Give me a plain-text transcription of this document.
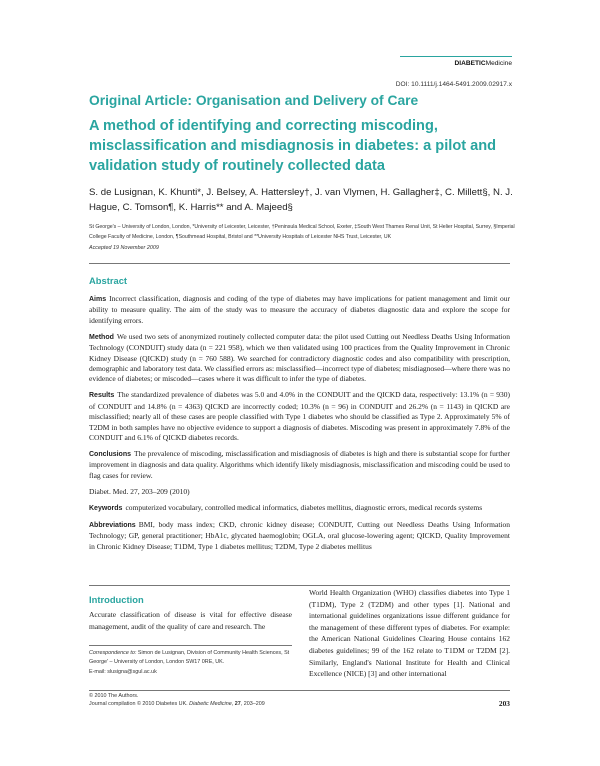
DIABETICMedicine
DOI: 10.1111/j.1464-5491.2009.02917.x
Original Article: Organisation and Delivery of Care
A method of identifying and correcting miscoding, misclassification and misdiagnosis in diabetes: a pilot and validation study of routinely collected data
S. de Lusignan, K. Khunti*, J. Belsey, A. Hattersley†, J. van Vlymen, H. Gallagher‡, C. Millett§, N. J. Hague, C. Tomson¶, K. Harris** and A. Majeed§
St George's – University of London, London, *University of Leicester, Leicester, †Peninsula Medical School, Exeter, ‡South West Thames Renal Unit, St Helier Hospital, Surrey, §Imperial College Faculty of Medicine, London, ¶Southmead Hospital, Bristol and **University Hospitals of Leicester NHS Trust, Leicester, UK
Accepted 19 November 2009
Abstract

Aims Incorrect classification, diagnosis and coding of the type of diabetes may have implications for patient management and limit our ability to measure quality. The aim of the study was to measure the accuracy of diabetes diagnostic data and explore the scope for identifying errors.

Method We used two sets of anonymized routinely collected computer data: the pilot used Cutting out Needless Deaths Using Information Technology (CONDUIT) study data (n = 221 958), which we then validated using 100 practices from the Quality Improvement in Chronic Kidney Disease (QICKD) study (n = 760 588). We searched for contradictory diagnostic codes and also compatibility with prescription, demographic and laboratory test data. We classified errors as: misclassified—incorrect type of diabetes; misdiagnosed—where there was no evidence of diabetes; or miscoded—cases where it was difficult to infer the type of diabetes.

Results The standardized prevalence of diabetes was 5.0 and 4.0% in the CONDUIT and the QICKD data, respectively: 13.1% (n = 930) of CONDUIT and 14.8% (n = 4363) QICKD are incorrectly coded; 10.3% (n = 96) in CONDUIT and 26.2% (n = 1143) in QICKD are misclassified; nearly all of these cases are people classified with Type 1 diabetes who should be classified as Type 2. Approximately 5% of T2DM in both samples have no objective evidence to support a diagnosis of diabetes. Miscoding was present in approximately 7.8% of the CONDUIT and 6.1% of QICKD diabetes records.

Conclusions The prevalence of miscoding, misclassification and misdiagnosis of diabetes is high and there is substantial scope for further improvement in diagnosis and data quality. Algorithms which identify likely misdiagnosis, misclassification and miscoding could be used to flag cases for review.

Diabet. Med. 27, 203–209 (2010)

Keywords computerized vocabulary, controlled medical informatics, diabetes mellitus, diagnostic errors, medical records systems

Abbreviations BMI, body mass index; CKD, chronic kidney disease; CONDUIT, Cutting out Needless Deaths Using Information Technology; GP, general practitioner; HbA1c, glycated haemoglobin; OGLA, oral glucose-lowering agent; QICKD, Quality Improvement in Chronic Kidney Disease; T1DM, Type 1 diabetes mellitus; T2DM, Type 2 diabetes mellitus

Introduction
Accurate classification of disease is vital for effective disease management, audit of the quality of care and research. The
World Health Organization (WHO) classifies diabetes into Type 1 (T1DM), Type 2 (T2DM) and other types [1]. National and international guidelines organizations issue different guidance for the management of these different types of diabetes. For example: the American National Guidelines Clearing House contains 162 diabetes guidelines; 99 of the 162 relate to T1DM or T2DM [2]. Similarly, England's National Institute for Health and Clinical Excellence (NICE) [3] and other international
Correspondence to: Simon de Lusignan, Division of Community Health Sciences, St George' – University of London, London SW17 0RE, UK.
E-mail: slusigna@sgul.ac.uk
© 2010 The Authors.
Journal compilation © 2010 Diabetes UK. Diabetic Medicine, 27, 203–209	203
